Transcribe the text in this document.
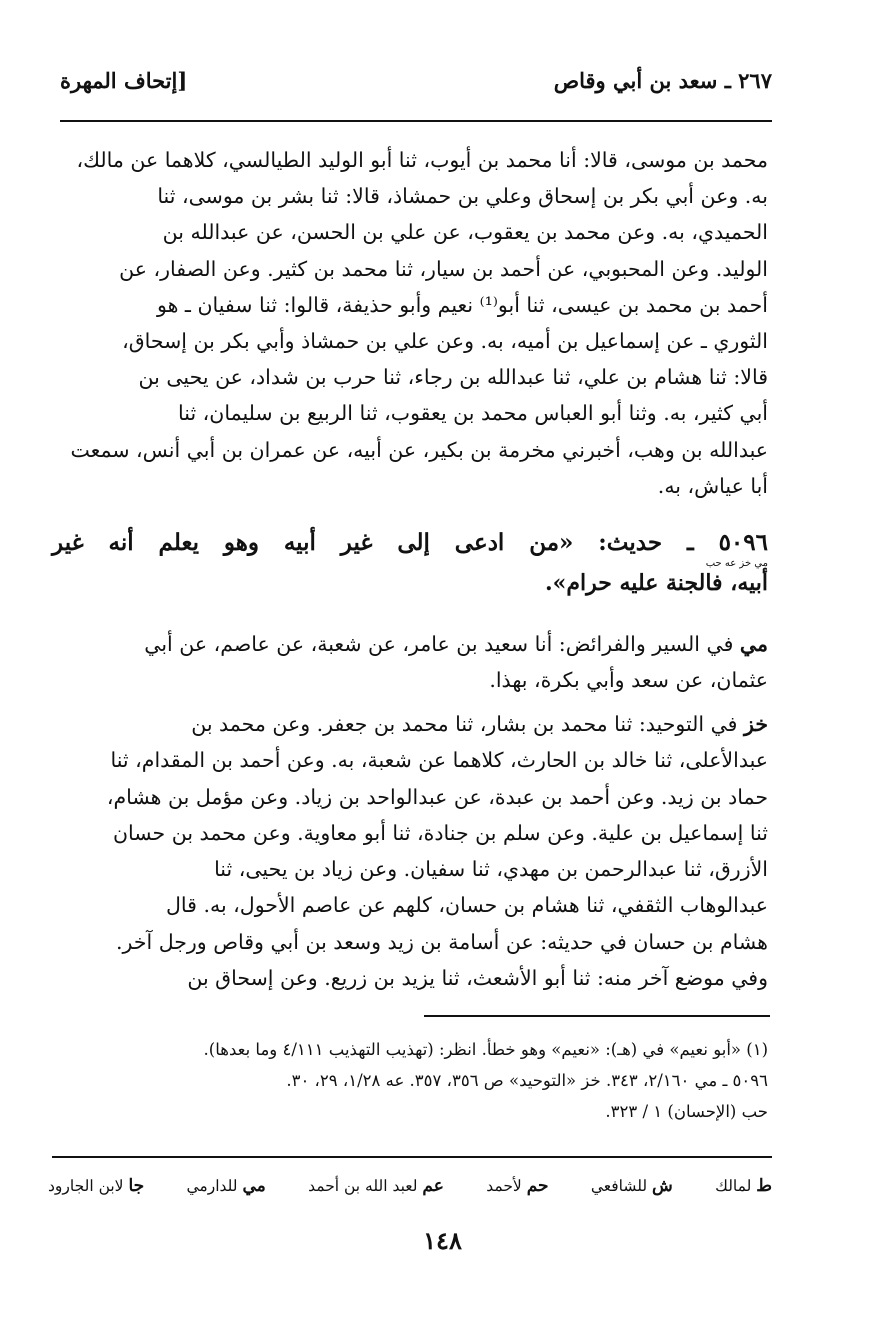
٢٦٧ ـ سعد بن أبي وقاص
[إتحاف المهرة

محمد بن موسى، قالا: أنا محمد بن أيوب، ثنا أبو الوليد الطيالسي، كلاهما عن مالك،

به. وعن أبي بكر بن إسحاق وعلي بن حمشاذ، قالا: ثنا بشر بن موسى، ثنا

الحميدي، به. وعن محمد بن يعقوب، عن علي بن الحسن، عن عبدالله بن

الوليد. وعن المحبوبي، عن أحمد بن سيار، ثنا محمد بن كثير. وعن الصفار، عن

أحمد بن محمد بن عيسى، ثنا أبو⁽¹⁾ نعيم وأبو حذيفة، قالوا: ثنا سفيان ـ هو

الثوري ـ عن إسماعيل بن أميه، به. وعن علي بن حمشاذ وأبي بكر بن إسحاق،

قالا: ثنا هشام بن علي، ثنا عبدالله بن رجاء، ثنا حرب بن شداد، عن يحيى بن

أبي كثير، به. وثنا أبو العباس محمد بن يعقوب، ثنا الربيع بن سليمان، ثنا

عبدالله بن وهب، أخبرني مخرمة بن بكير، عن أبيه، عن عمران بن أبي أنس، سمعت

أبا عياش، به.

٥٠٩٦ ـ حديث: «من ادعى إلى غير أبيه وهو يعلم أنه غير
مي خز عه حب
أبيه، فالجنة عليه حرام».
مي في السير والفرائض: أنا سعيد بن عامر، عن شعبة، عن عاصم، عن أبي
عثمان، عن سعد وأبي بكرة، بهذا.
خز في التوحيد: ثنا محمد بن بشار، ثنا محمد بن جعفر. وعن محمد بن
عبدالأعلى، ثنا خالد بن الحارث، كلاهما عن شعبة، به. وعن أحمد بن المقدام، ثنا
حماد بن زيد. وعن أحمد بن عبدة، عن عبدالواحد بن زياد. وعن مؤمل بن هشام،
ثنا إسماعيل بن علية. وعن سلم بن جنادة، ثنا أبو معاوية. وعن محمد بن حسان
الأزرق، ثنا عبدالرحمن بن مهدي، ثنا سفيان. وعن زياد بن يحيى، ثنا
عبدالوهاب الثقفي، ثنا هشام بن حسان، كلهم عن عاصم الأحول، به. قال
هشام بن حسان في حديثه: عن أسامة بن زيد وسعد بن أبي وقاص ورجل آخر.
وفي موضع آخر منه: ثنا أبو الأشعث، ثنا يزيد بن زريع. وعن إسحاق بن
(١) «أبو نعيم» في (هـ): «نعيم» وهو خطأ. انظر: (تهذيب التهذيب ٤/١١١ وما بعدها).
٥٠٩٦ ـ مي ٢/١٦٠، ٣٤٣. خز «التوحيد» ص ٣٥٦، ٣٥٧. عه ١/٢٨، ٢٩، ٣٠.
حب (الإحسان) ١ / ٣٢٣.
ط لمالك
ش للشافعي
حم لأحمد
عم لعبد الله بن أحمد
مي للدارمي
جا لابن الجارود
١٤٨
